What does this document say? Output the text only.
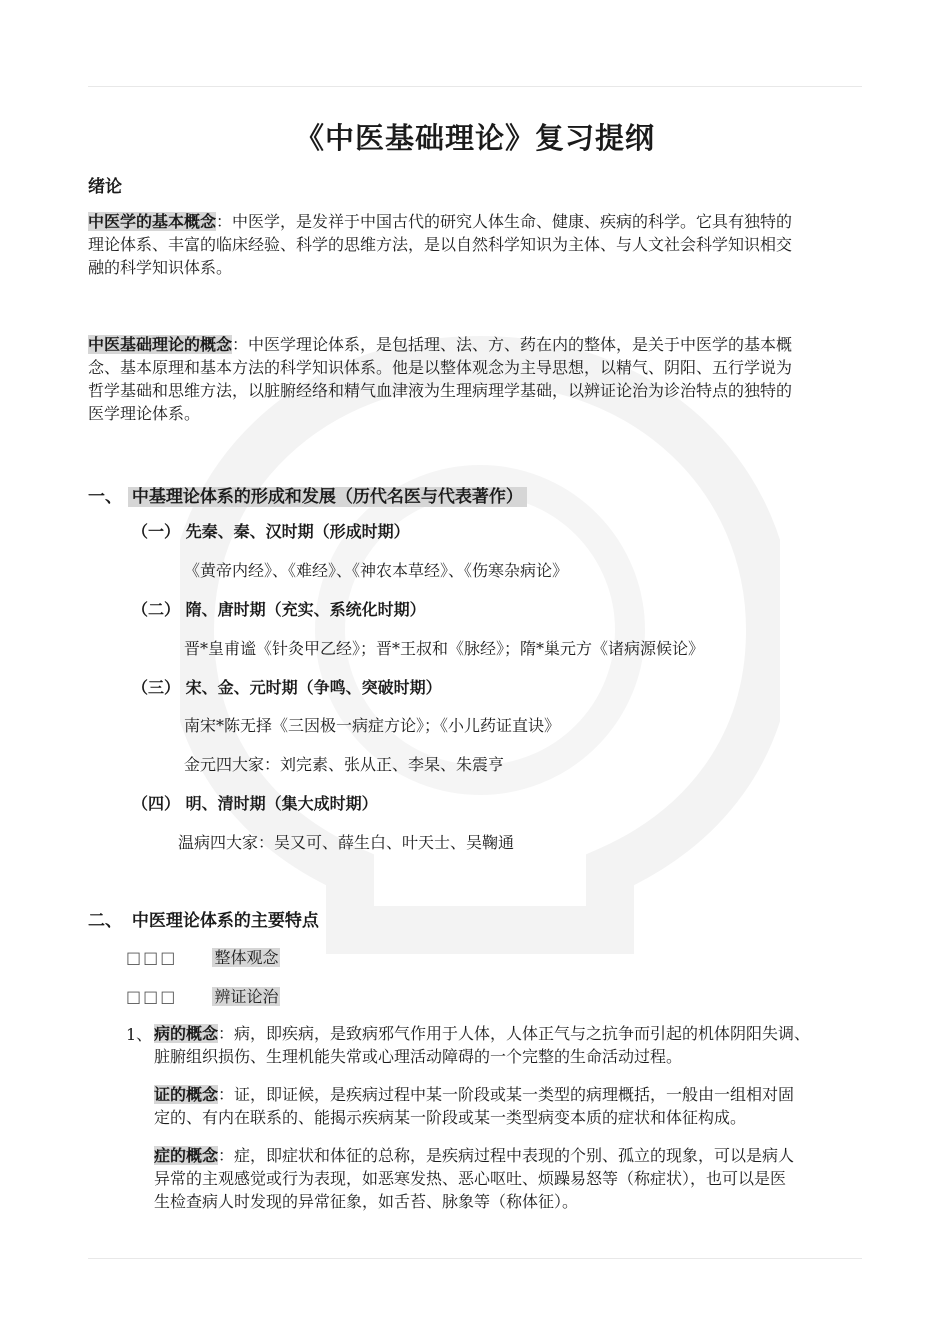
《中医基础理论》复习提纲
绪论
中医学的基本概念：中医学，是发祥于中国古代的研究人体生命、健康、疾病的科学。它具有独特的
理论体系、丰富的临床经验、科学的思维方法，是以自然科学知识为主体、与人文社会科学知识相交
融的科学知识体系。
中医基础理论的概念：中医学理论体系，是包括理、法、方、药在内的整体，是关于中医学的基本概
念、基本原理和基本方法的科学知识体系。他是以整体观念为主导思想，以精气、阴阳、五行学说为
哲学基础和思维方法，以脏腑经络和精气血津液为生理病理学基础，以辨证论治为诊治特点的独特的
医学理论体系。
一、 中基理论体系的形成和发展（历代名医与代表著作）
（一） 先秦、秦、汉时期（形成时期）
《黄帝内经》、《难经》、《神农本草经》、《伤寒杂病论》
（二） 隋、唐时期（充实、系统化时期）
晋*皇甫谧《针灸甲乙经》；晋*王叔和《脉经》；隋*巢元方《诸病源候论》
（三） 宋、金、元时期（争鸣、突破时期）
南宋*陈无择《三因极一病症方论》；《小儿药证直诀》
金元四大家：刘完素、张从正、李杲、朱震亨
（四） 明、清时期（集大成时期）
温病四大家：吴又可、薛生白、叶天士、吴鞠通
二、 中医理论体系的主要特点
□□□ 整体观念
□□□ 辨证论治
1、 病的概念：病，即疾病，是致病邪气作用于人体，人体正气与之抗争而引起的机体阴阳失调、
脏腑组织损伤、生理机能失常或心理活动障碍的一个完整的生命活动过程。
证的概念：证，即证候，是疾病过程中某一阶段或某一类型的病理概括，一般由一组相对固
定的、有内在联系的、能揭示疾病某一阶段或某一类型病变本质的症状和体征构成。
症的概念：症，即症状和体征的总称，是疾病过程中表现的个别、孤立的现象，可以是病人
异常的主观感觉或行为表现，如恶寒发热、恶心呕吐、烦躁易怒等（称症状），也可以是医
生检查病人时发现的异常征象，如舌苔、脉象等（称体征）。
